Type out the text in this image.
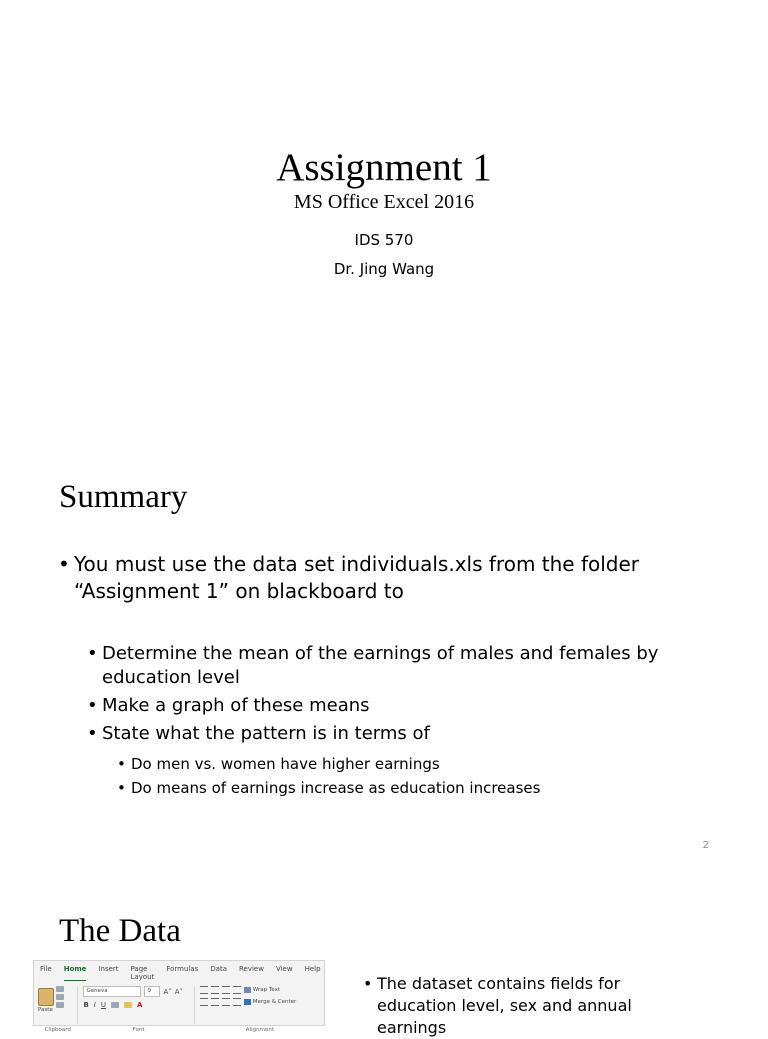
Assignment 1
MS Office Excel 2016
IDS 570
Dr. Jing Wang
Summary
• You must use the data set individuals.xls from the folder “Assignment 1” on blackboard to
• Determine the mean of the earnings of males and females by education level
• Make a graph of these means
• State what the pattern is in terms of
• Do men vs. women have higher earnings
• Do means of earnings increase as education increases
2
The Data
File Home Insert Page Layout
Formulas Data Review View Help
Paste
Clipboard
Geneva	9	A˄ A˅
B I U	A
Font
Wrap Text
Merge & Center
Alignment
• The dataset contains fields for education level, sex and annual earnings
